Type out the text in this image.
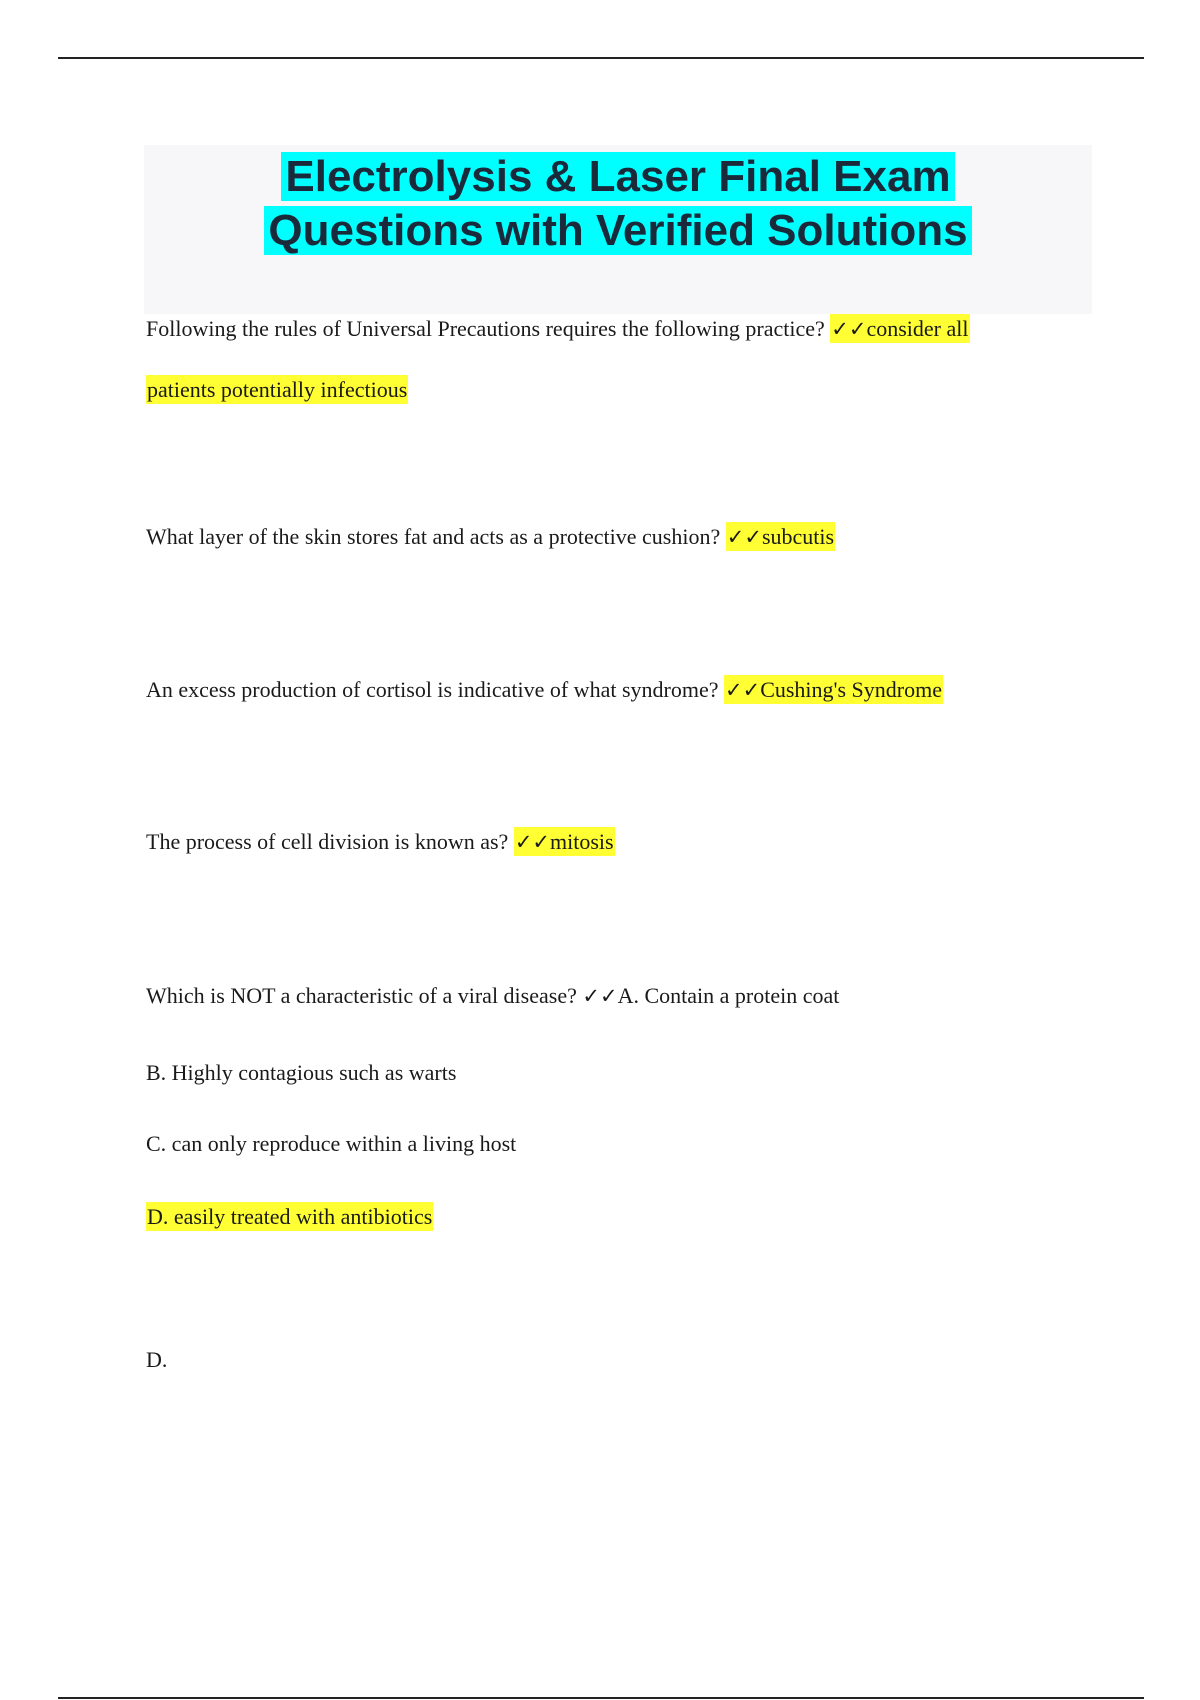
Electrolysis & Laser Final Exam
Questions with Verified Solutions
Following the rules of Universal Precautions requires the following practice? ✓✓consider all
patients potentially infectious
What layer of the skin stores fat and acts as a protective cushion? ✓✓subcutis
An excess production of cortisol is indicative of what syndrome? ✓✓Cushing's Syndrome
The process of cell division is known as? ✓✓mitosis
Which is NOT a characteristic of a viral disease? ✓✓A. Contain a protein coat
B. Highly contagious such as warts
C. can only reproduce within a living host
D. easily treated with antibiotics
D.
